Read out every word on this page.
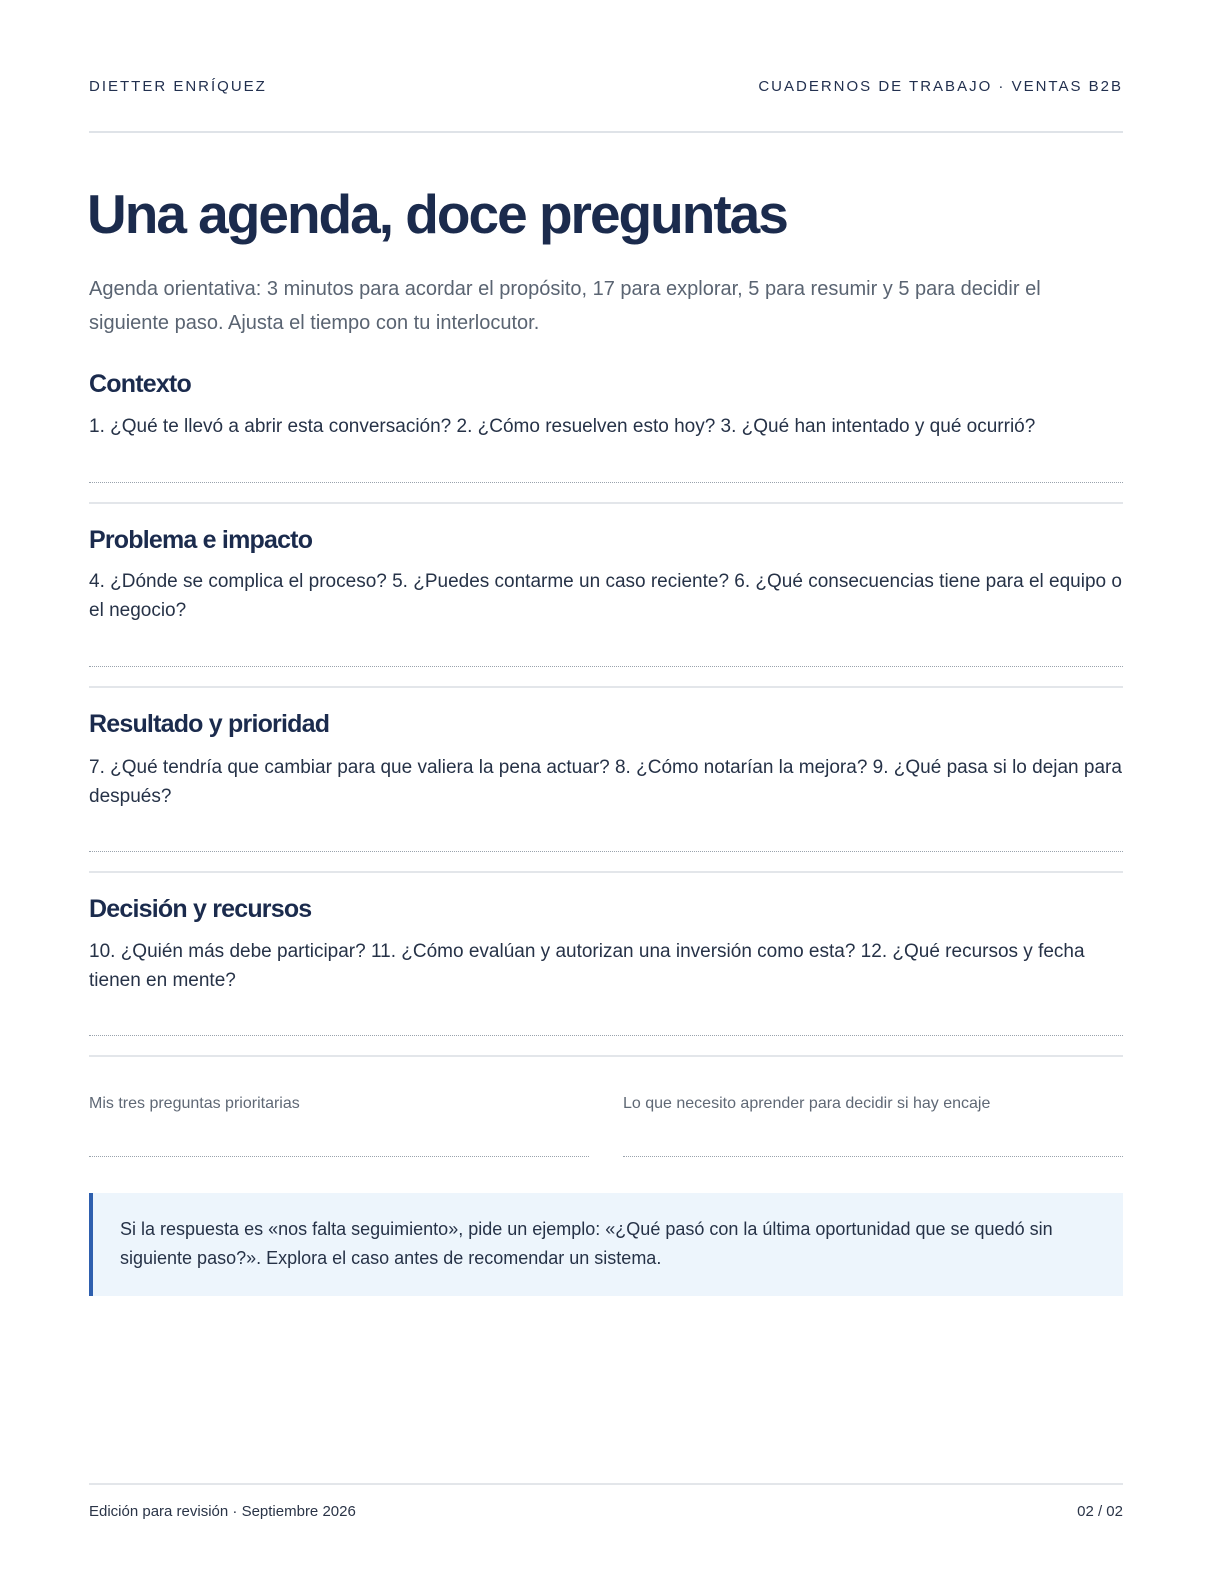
DIETTER ENRÍQUEZ	CUADERNOS DE TRABAJO · VENTAS B2B
Una agenda, doce preguntas

Agenda orientativa: 3 minutos para acordar el propósito, 17 para explorar, 5 para resumir y 5 para decidir el siguiente paso. Ajusta el tiempo con tu interlocutor.

Contexto

1. ¿Qué te llevó a abrir esta conversación? 2. ¿Cómo resuelven esto hoy? 3. ¿Qué han intentado y qué ocurrió?

Problema e impacto

4. ¿Dónde se complica el proceso? 5. ¿Puedes contarme un caso reciente? 6. ¿Qué consecuencias tiene para el equipo o el negocio?

Resultado y prioridad

7. ¿Qué tendría que cambiar para que valiera la pena actuar? 8. ¿Cómo notarían la mejora? 9. ¿Qué pasa si lo dejan para después?

Decisión y recursos

10. ¿Quién más debe participar? 11. ¿Cómo evalúan y autorizan una inversión como esta? 12. ¿Qué recursos y fecha tienen en mente?

Mis tres preguntas prioritarias	Lo que necesito aprender para decidir si hay encaje

Si la respuesta es «nos falta seguimiento», pide un ejemplo: «¿Qué pasó con la última oportunidad que se quedó sin siguiente paso?». Explora el caso antes de recomendar un sistema.

Edición para revisión · Septiembre 2026	02 / 02
